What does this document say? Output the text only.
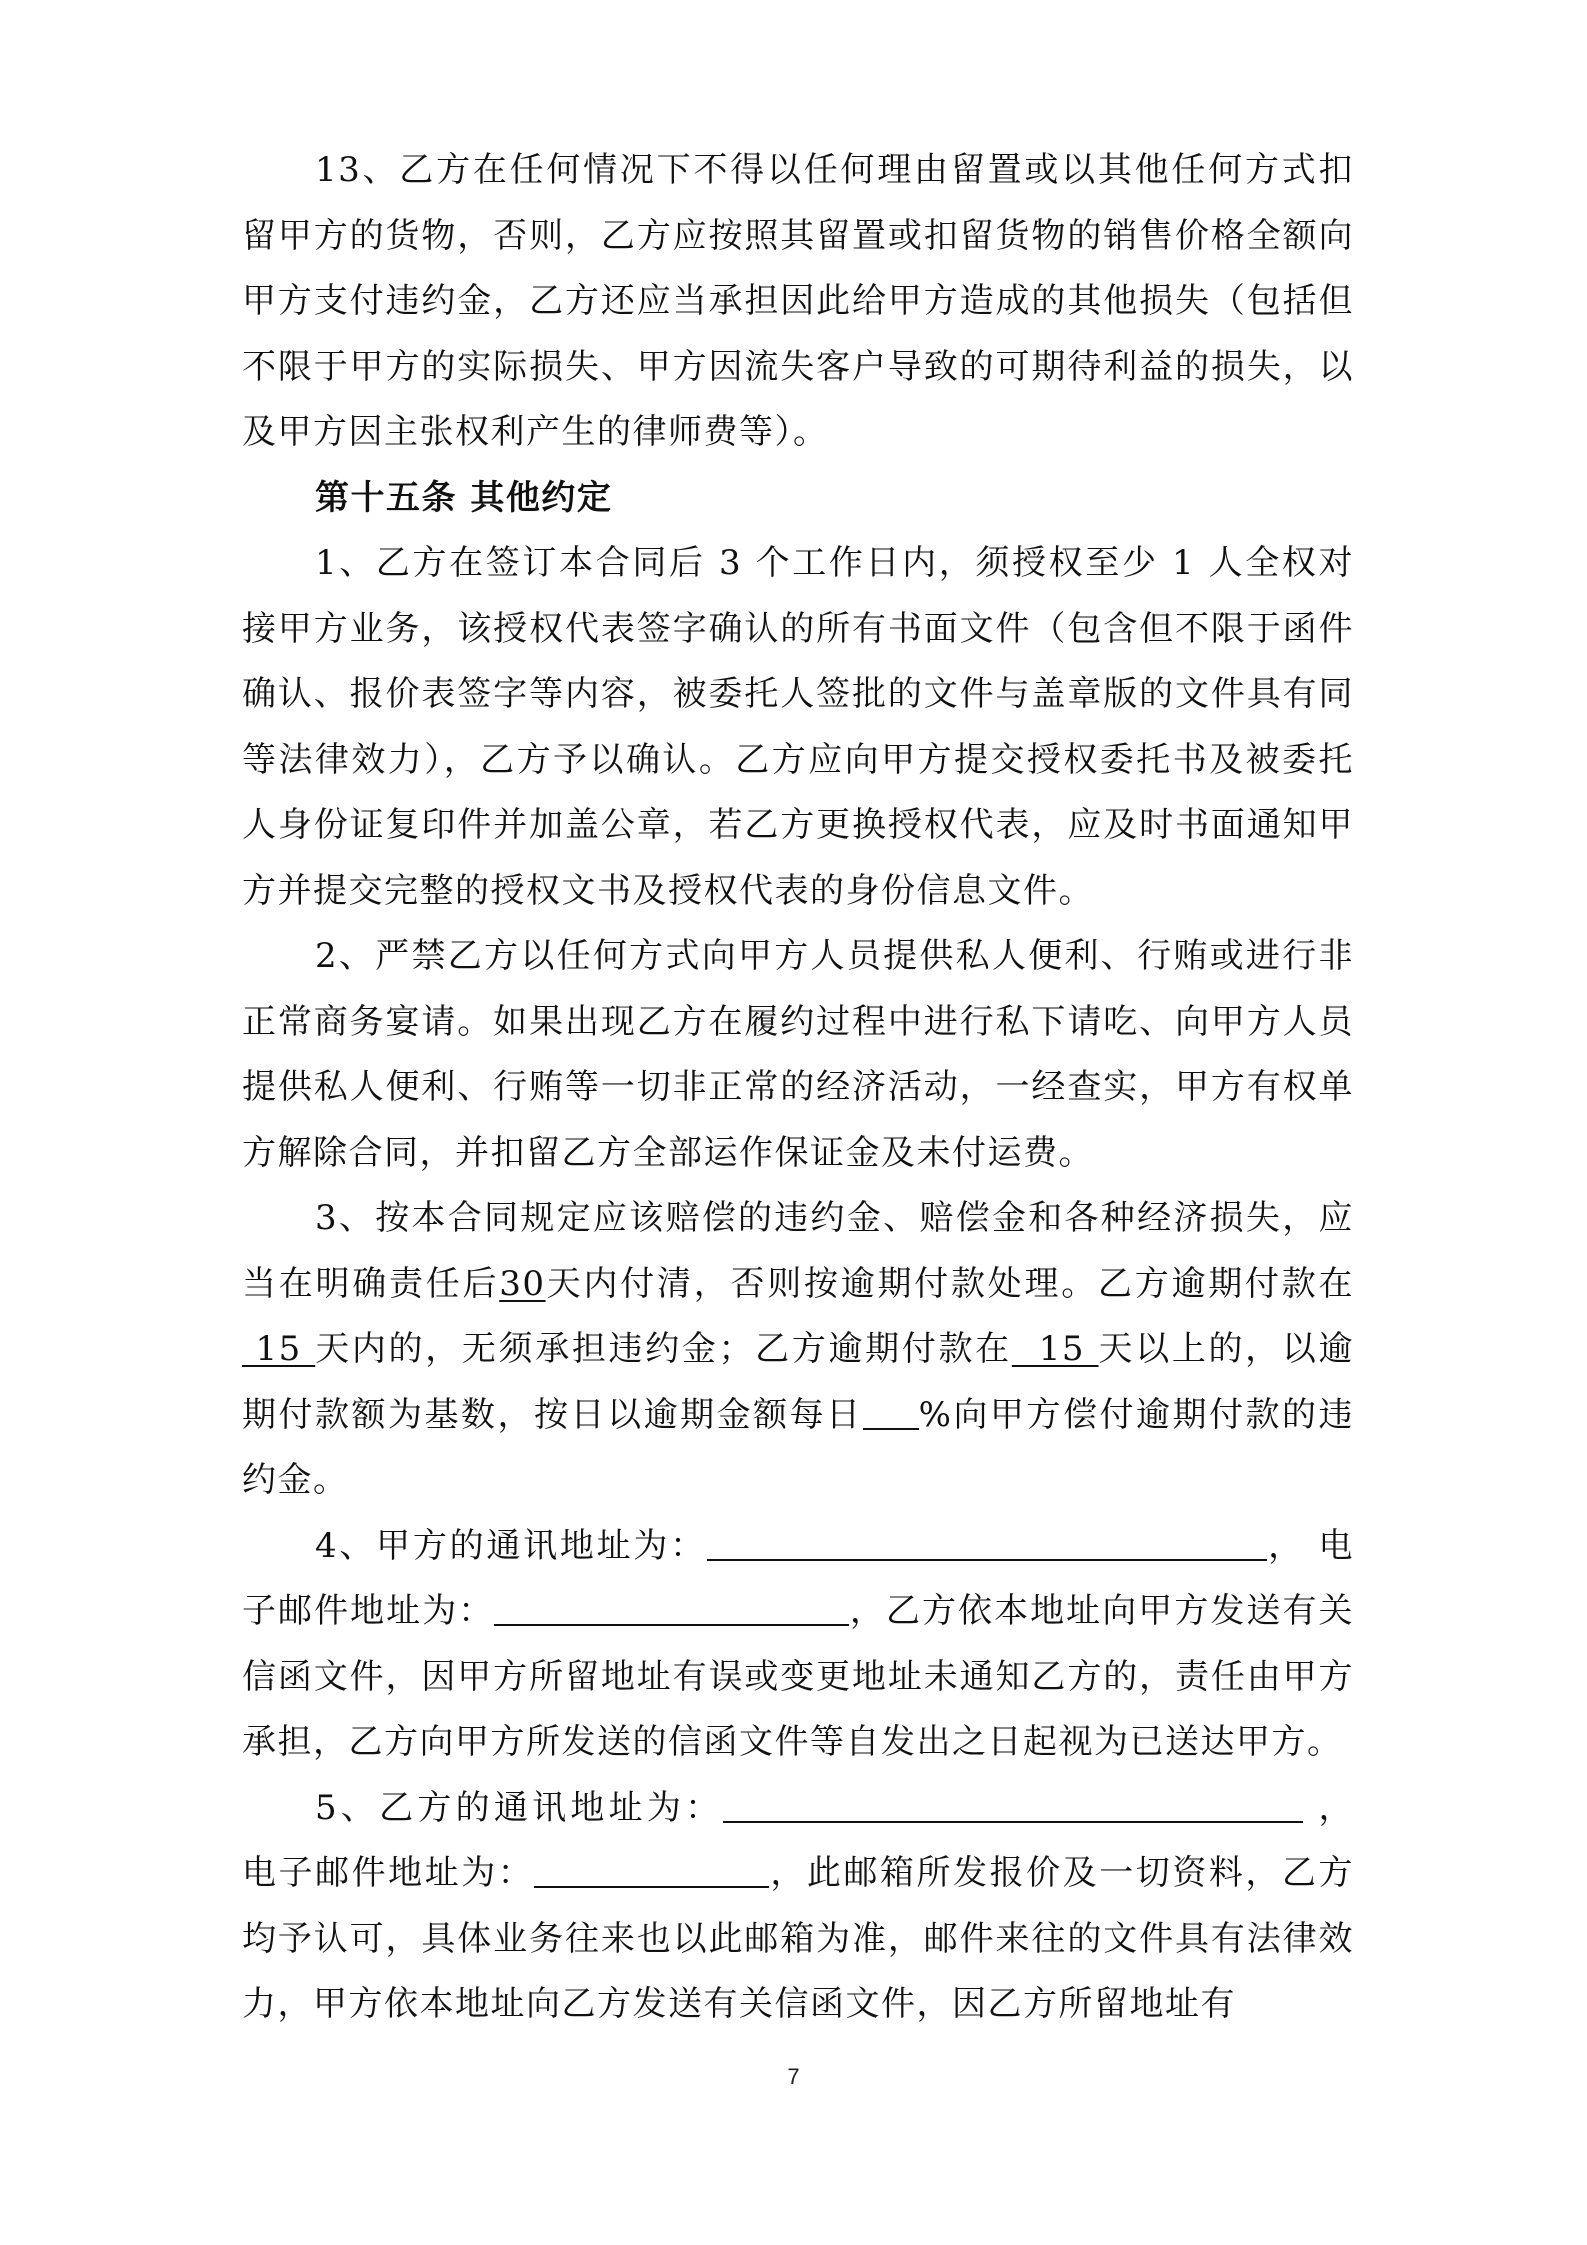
13、乙方在任何情况下不得以任何理由留置或以其他任何方式扣留甲方的货物，否则，乙方应按照其留置或扣留货物的销售价格全额向甲方支付违约金，乙方还应当承担因此给甲方造成的其他损失（包括但不限于甲方的实际损失、甲方因流失客户导致的可期待利益的损失，以及甲方因主张权利产生的律师费等）。

第十五条 其他约定

1、乙方在签订本合同后 3 个工作日内，须授权至少 1 人全权对接甲方业务，该授权代表签字确认的所有书面文件（包含但不限于函件确认、报价表签字等内容，被委托人签批的文件与盖章版的文件具有同等法律效力），乙方予以确认。乙方应向甲方提交授权委托书及被委托人身份证复印件并加盖公章，若乙方更换授权代表，应及时书面通知甲方并提交完整的授权文书及授权代表的身份信息文件。

2、严禁乙方以任何方式向甲方人员提供私人便利、行贿或进行非正常商务宴请。如果出现乙方在履约过程中进行私下请吃、向甲方人员提供私人便利、行贿等一切非正常的经济活动，一经查实，甲方有权单方解除合同，并扣留乙方全部运作保证金及未付运费。

3、按本合同规定应该赔偿的违约金、赔偿金和各种经济损失，应当在明确责任后30天内付清，否则按逾期付款处理。乙方逾期付款在 15 天内的，无须承担违约金；乙方逾期付款在  15 天以上的，以逾期付款额为基数，按日以逾期金额每日 %向甲方偿付逾期付款的违约金。

4、甲方的通讯地址为：	， 电子邮件地址为：	，乙方依本地址向甲方发送有关信函文件，因甲方所留地址有误或变更地址未通知乙方的，责任由甲方承担，乙方向甲方所发送的信函文件等自发出之日起视为已送达甲方。

5、乙方的通讯地址为：	， 电子邮件地址为：	，此邮箱所发报价及一切资料，乙方均予认可，具体业务往来也以此邮箱为准，邮件来往的文件具有法律效力，甲方依本地址向乙方发送有关信函文件，因乙方所留地址有

7
